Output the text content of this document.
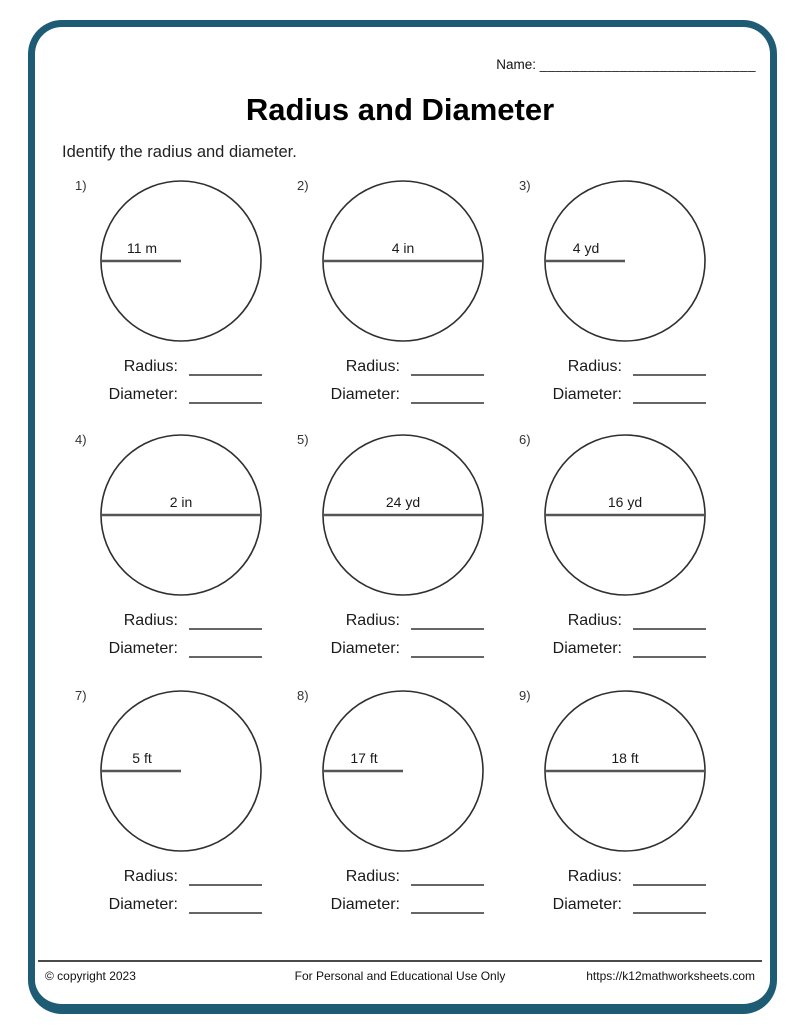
Name: ___________________________
Radius and Diameter
Identify the radius and diameter.
1)
11 m
Radius:
Diameter:
2)
4 in
Radius:
Diameter:
3)
4 yd
Radius:
Diameter:
4)
2 in
Radius:
Diameter:
5)
24 yd
Radius:
Diameter:
6)
16 yd
Radius:
Diameter:
7)
5 ft
Radius:
Diameter:
8)
17 ft
Radius:
Diameter:
9)
18 ft
Radius:
Diameter:
© copyright 2023	For Personal and Educational Use Only	https://k12mathworksheets.com
